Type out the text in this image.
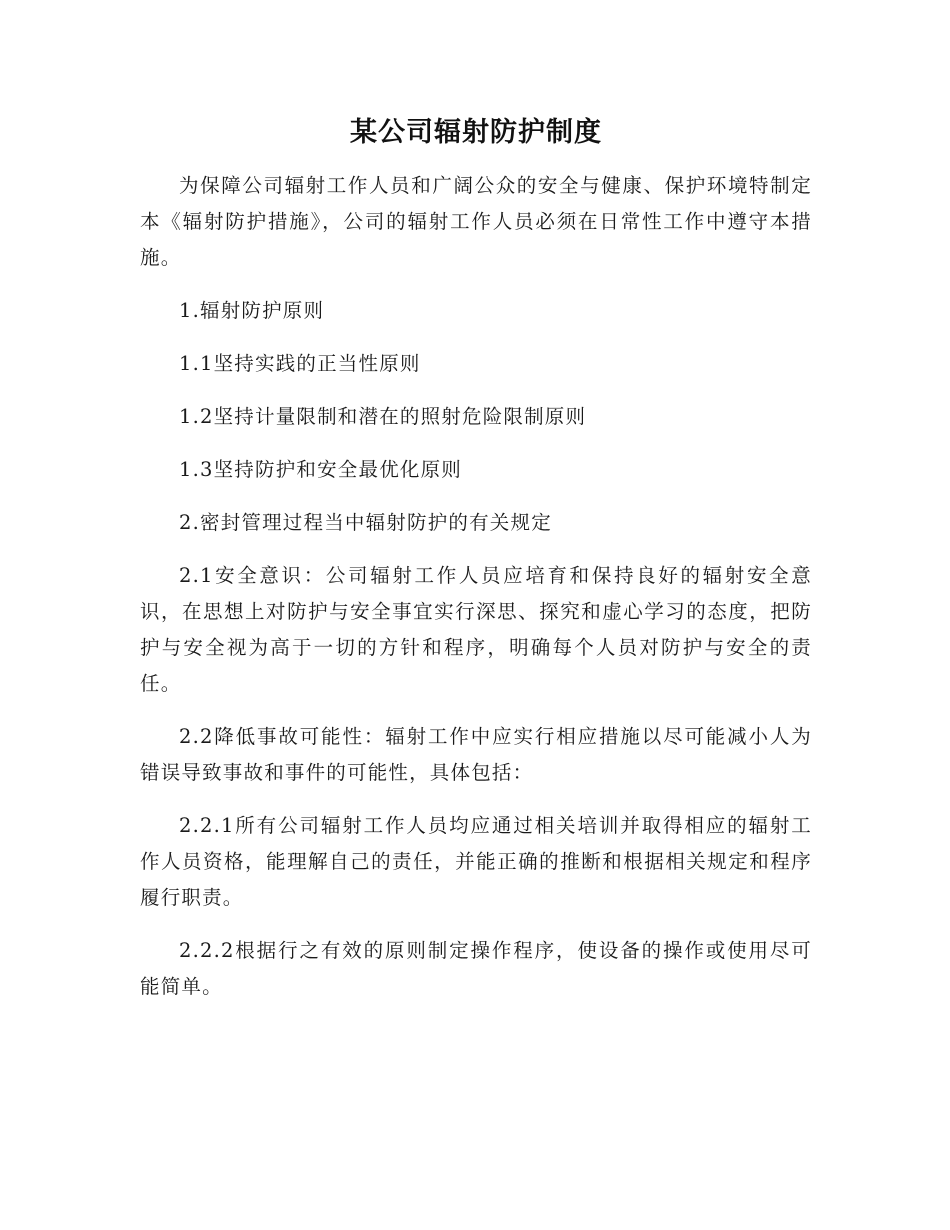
某公司辐射防护制度

为保障公司辐射工作人员和广阔公众的安全与健康、保护环境特制定本《辐射防护措施》，公司的辐射工作人员必须在日常性工作中遵守本措施。

1.辐射防护原则

1.1坚持实践的正当性原则

1.2坚持计量限制和潜在的照射危险限制原则

1.3坚持防护和安全最优化原则

2.密封管理过程当中辐射防护的有关规定

2.1安全意识：公司辐射工作人员应培育和保持良好的辐射安全意识，在思想上对防护与安全事宜实行深思、探究和虚心学习的态度，把防护与安全视为高于一切的方针和程序，明确每个人员对防护与安全的责任。

2.2降低事故可能性：辐射工作中应实行相应措施以尽可能减小人为错误导致事故和事件的可能性，具体包括：

2.2.1所有公司辐射工作人员均应通过相关培训并取得相应的辐射工作人员资格，能理解自己的责任，并能正确的推断和根据相关规定和程序履行职责。

2.2.2根据行之有效的原则制定操作程序，使设备的操作或使用尽可能简单。
